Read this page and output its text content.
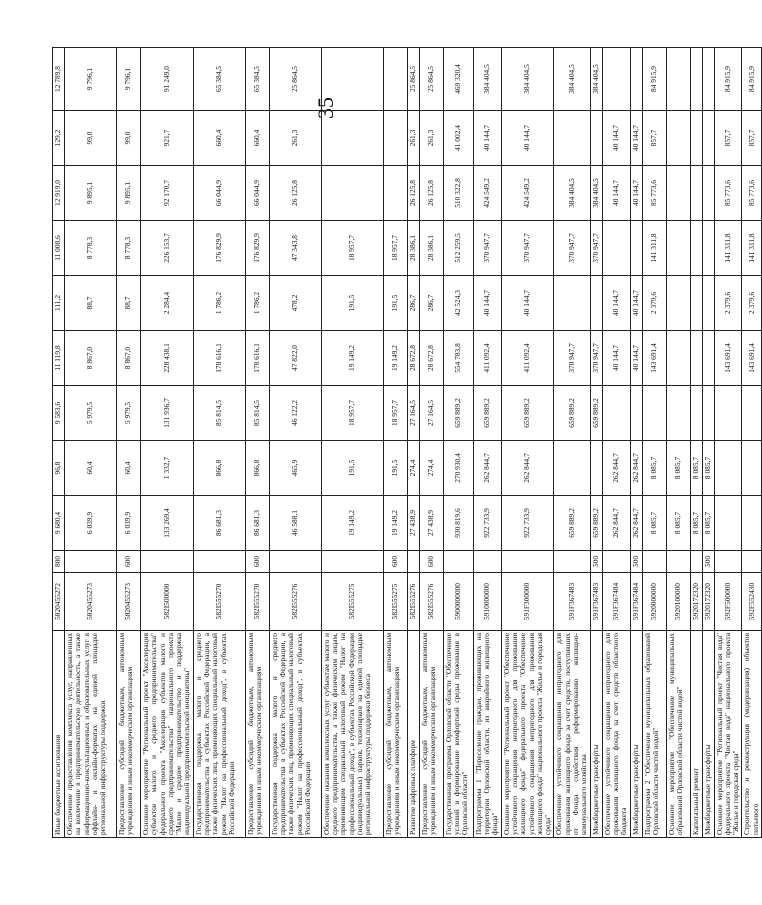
35
Иные бюджетные ассигнования	5820455272	800	9 680,4	96,8	9 583,6	11 119,8	111,2	11 008,6	12 919,0	129,2	12 789,8
Обеспечение предоставления комплекса услуг, направленных на вовлечение в предпринимательскую деятельность, а также информационно-консультационных и образовательных услуг в оффлайн- и онлайн-форматах на единой площадке региональной инфраструктуры поддержки	5820455273		6 039,9	60,4	5 979,5	8 867,0	88,7	8 778,3	9 895,1	99,0	9 796,1
Предоставление субсидий бюджетным, автономным учреждениям и иным некоммерческим организациям	5820455273	600	6 039,9	60,4	5 979,5	8 867,0	88,7	8 778,3	9 895,1	99,0	9 796,1
Основное мероприятие "Региональный проект "Акселерация субъектов малого и среднего предпринимательства" федерального проекта "Акселерация субъектов малого и среднего предпринимательства" национального проекта "Малое и среднее предпринимательство и поддержка индивидуальной предпринимательской инициативы"	582I500000		133 269,4	1 332,7	131 936,7	228 438,1	2 284,4	226 153,7	92 170,7	921,7	91 249,0
Государственная поддержка малого и среднего предпринимательства в субъектах Российской Федерации, а также физических лиц, применяющих специальный налоговый режим "Налог на профессиональный доход", в субъектах Российской Федерации	582I555270		86 681,3	866,8	85 814,5	178 616,1	1 786,2	176 829,9	66 044,9	660,4	65 384,5
Предоставление субсидий бюджетным, автономным учреждениям и иным некоммерческим организациям	582I555270	600	86 681,3	866,8	85 814,5	178 616,1	1 786,2	176 829,9	66 044,9	660,4	65 384,5
Государственная поддержка малого и среднего предпринимательства в субъектах Российской Федерации, а также физических лиц, применяющих специальный налоговый режим "Налог на профессиональный доход", в субъектах Российской Федерации	582I555276		46 588,1	465,9	46 122,2	47 822,0	478,2	47 343,8	26 125,8	261,3	25 864,5
Обеспечение оказания комплексных услуг субъектам малого и среднего предпринимательства, а также физическим лицам, применяющим специальный налоговый режим "Налог на профессиональный доход", в субъектах Российской Федерации (индивидуальных) парков, технопарков на единой площадке региональной инфраструктуры поддержки бизнеса	582I555275		19 149,2	191,5	18 957,7	19 149,2	191,5	18 957,7			
Предоставление субсидий бюджетным, автономным учреждениям и иным некоммерческим организациям	582I555275	600	19 149,2	191,5	18 957,7	19 149,2	191,5	18 957,7			
Развитие цифровых платформ	582I555276		27 438,9	274,4	27 164,5	28 672,8	286,7	28 386,1	26 125,8	261,3	25 864,5
Предоставление субсидий бюджетным, автономным учреждениям и иным некоммерческим организациям	582I555276	600	27 438,9	274,4	27 164,5	28 672,8	286,7	28 386,1	26 125,8	261,3	25 864,5
Государственная программа Орловской области "Обеспечение условий и формирование комфортной среды проживания в Орловской области"	5900000000		930 819,6	270 930,4	659 889,2	554 783,8	42 524,3	512 259,5	510 322,8	41 002,4	469 320,4
Подпрограмма 1 "Переселение граждан, проживающих на территории Орловской области, из аварийного жилищного фонда"	5910000000		922 733,9	262 844,7	659 889,2	411 092,4	40 144,7	370 947,7	424 549,2	40 144,7	384 404,5
Основное мероприятие "Региональный проект "Обеспечение устойчивого сокращения непригодного для проживания жилищного фонда" федерального проекта "Обеспечение устойчивого сокращения непригодного для проживания жилищного фонда" национального проекта "Жилье и городская среда"	591F300000		922 733,9	262 844,7	659 889,2	411 092,4	40 144,7	370 947,7	424 549,2	40 144,7	384 404,5
Обеспечение устойчивого сокращения непригодного для проживания жилищного фонда за счет средств, поступивших от Фонда содействия реформированию жилищно-коммунального хозяйства	591F367483		659 889,2		659 889,2	370 947,7		370 947,7	384 404,5		384 404,5
Межбюджетные трансферты	591F367483	500	659 889,2		659 889,2	370 947,7		370 947,7	384 404,5		384 404,5
Обеспечение устойчивого сокращения непригодного для проживания жилищного фонда за счет средств областного бюджета	591F367484		262 844,7	262 844,7		40 144,7	40 144,7		40 144,7	40 144,7	
Межбюджетные трансферты	591F367484	500	262 844,7	262 844,7		40 144,7	40 144,7		40 144,7	40 144,7	
Подпрограмма 2 "Обеспечение муниципальных образований Орловской области чистой водой"	5920000000		8 085,7	8 085,7		143 691,4	2 379,6	141 311,8	85 773,6	857,7	84 915,9
Основное мероприятие "Обеспечение муниципальных образований Орловской области чистой водой"	5920100000		8 085,7	8 085,7							
Капитальный ремонт	5920172320		8 085,7	8 085,7							
Межбюджетные трансферты	5920172320	500	8 085,7	8 085,7							
Основное мероприятие "Региональный проект "Чистая вода" федерального проекта "Чистая вода" национального проекта "Жилье и городская среда"	592F500000					143 691,4	2 379,6	141 311,8	85 773,6	857,7	84 915,9
Строительство и реконструкция (модернизация) объектов питьевого	592F552430					143 691,4	2 379,6	141 311,8	85 773,6	857,7	84 915,9
